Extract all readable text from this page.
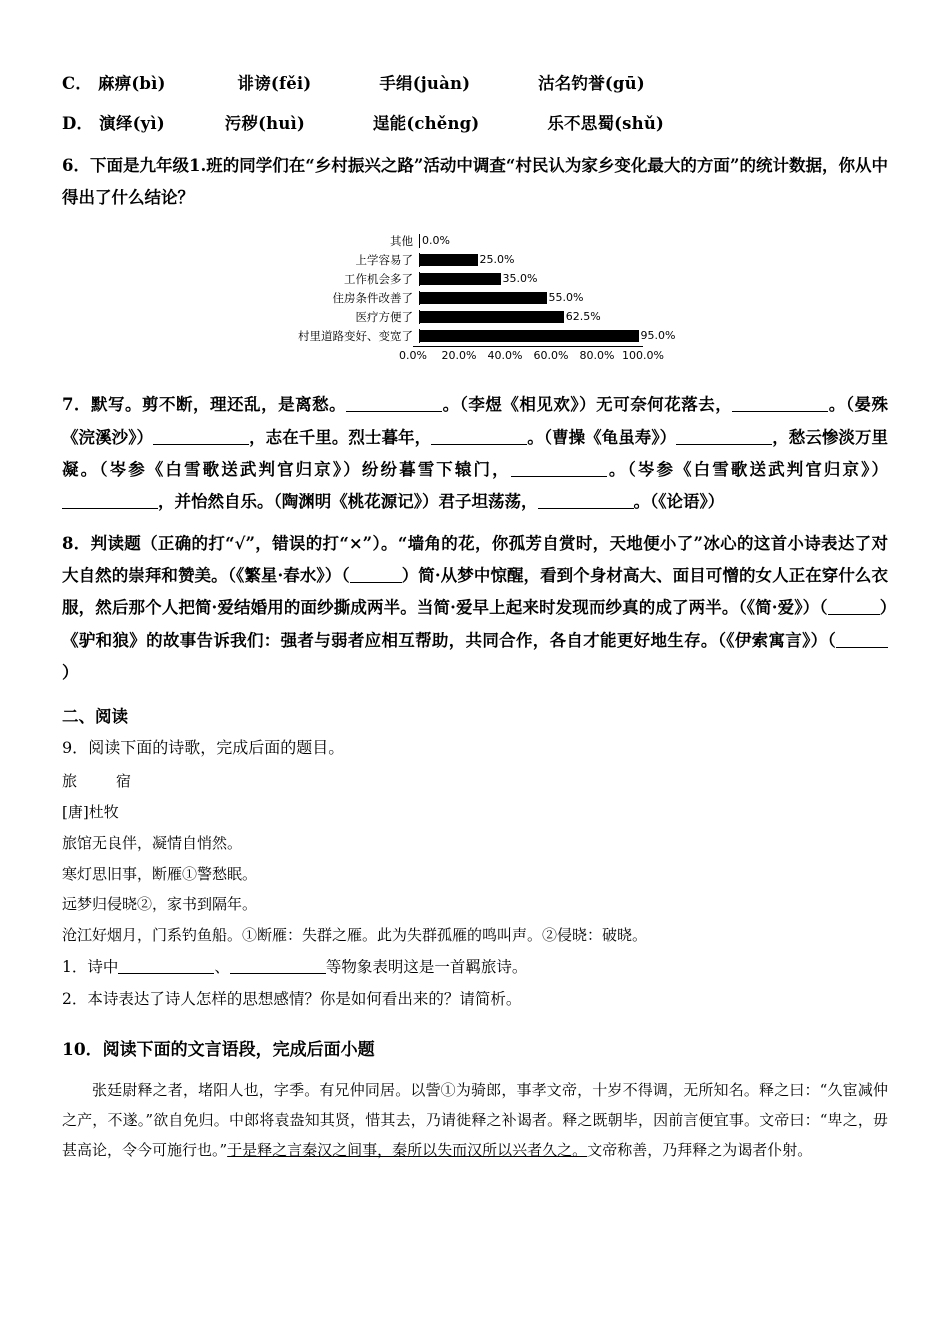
C． 麻痹(bì)	诽谤(fěi)	手绢(juàn)	沽名钓誉(gū)
D． 演绎(yì)	污秽(huì)	逞能(chěng)	乐不思蜀(shǔ)

6．下面是九年级1.班的同学们在“乡村振兴之路”活动中调查“村民认为家乡变化最大的方面”的统计数据，你从中得出了什么结论？

其他 0.0%
上学容易了	25.0%
工作机会多了	35.0%
住房条件改善了	55.0%
医疗方便了	62.5%
村里道路变好、变宽了	95.0%
0.0% 20.0% 40.0% 60.0% 80.0% 100.0%

7．默写。剪不断，理还乱，是离愁。	。（李煜《相见欢》）无可奈何花落去，	。（晏殊《浣溪沙》）	，志在千里。烈士暮年，	。（曹操《龟虽寿》）	，愁云惨淡万里凝。（岑参《白雪歌送武判官归京》）纷纷暮雪下辕门，	。（岑参《白雪歌送武判官归京》），并怡然自乐。（陶渊明《桃花源记》）君子坦荡荡，	。（《论语》）

8．判读题（正确的打“√”，错误的打“×”）。“墙角的花，你孤芳自赏时，天地便小了”冰心的这首小诗表达了对大自然的崇拜和赞美。（《繁星·春水》）（	）简·从梦中惊醒，看到个身材高大、面目可憎的女人正在穿什么衣服，然后那个人把简·爱结婚用的面纱撕成两半。当简·爱早上起来时发现而纱真的成了两半。（《简·爱》）（	）《驴和狼》的故事告诉我们：强者与弱者应相互帮助，共同合作，各自才能更好地生存。（《伊索寓言》）（）

二、阅读

9．阅读下面的诗歌，完成后面的题目。

旅　宿
[唐]杜牧
旅馆无良伴，凝情自悄然。
寒灯思旧事，断雁①警愁眠。
远梦归侵晓②，家书到隔年。
沧江好烟月，门系钓鱼船。①断雁：失群之雁。此为失群孤雁的鸣叫声。②侵晓：破晓。

1．诗中	、	等物象表明这是一首羁旅诗。

2．本诗表达了诗人怎样的思想感情？你是如何看出来的？请简析。

10．阅读下面的文言语段，完成后面小题

张廷尉释之者，堵阳人也，字季。有兄仲同居。以訾①为骑郎，事孝文帝，十岁不得调，无所知名。释之曰：“久宦减仲之产，不遂。”欲自免归。中郎将袁盎知其贤，惜其去，乃请徙释之补谒者。释之既朝毕，因前言便宜事。文帝曰：“卑之，毋甚高论，令今可施行也。”于是释之言秦汉之间事，秦所以失而汉所以兴者久之。文帝称善，乃拜释之为谒者仆射。
